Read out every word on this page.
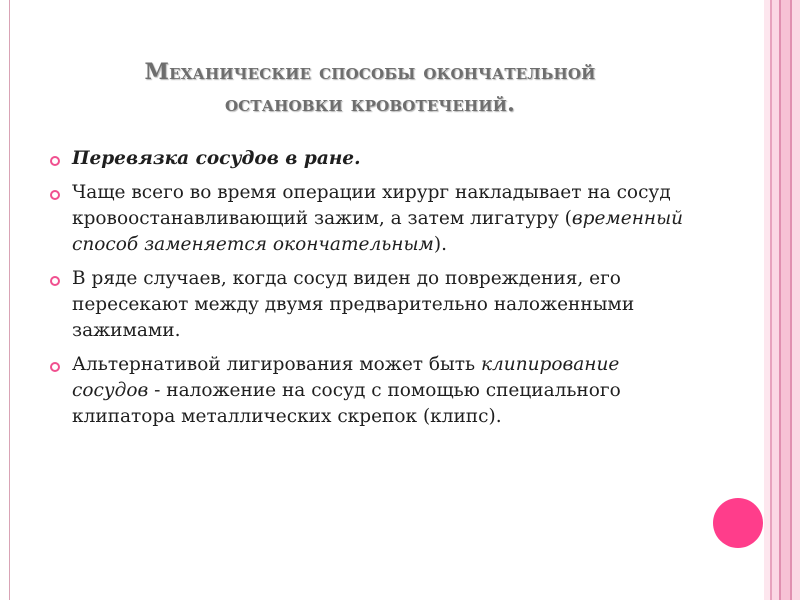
Механические способы окончательной
остановки кровотечений.
Перевязка сосудов в ране.
Чаще всего во время операции хирург накладывает на сосуд кровоостанавливающий зажим, а затем лигатуру (временный способ заменяется окончательным).
В ряде случаев, когда сосуд виден до повреждения, его пересекают между двумя предварительно наложенными зажимами.
Альтернативой лигирования может быть клипирование сосудов - наложение на сосуд с помощью специального клипатора металлических скрепок (клипс).
